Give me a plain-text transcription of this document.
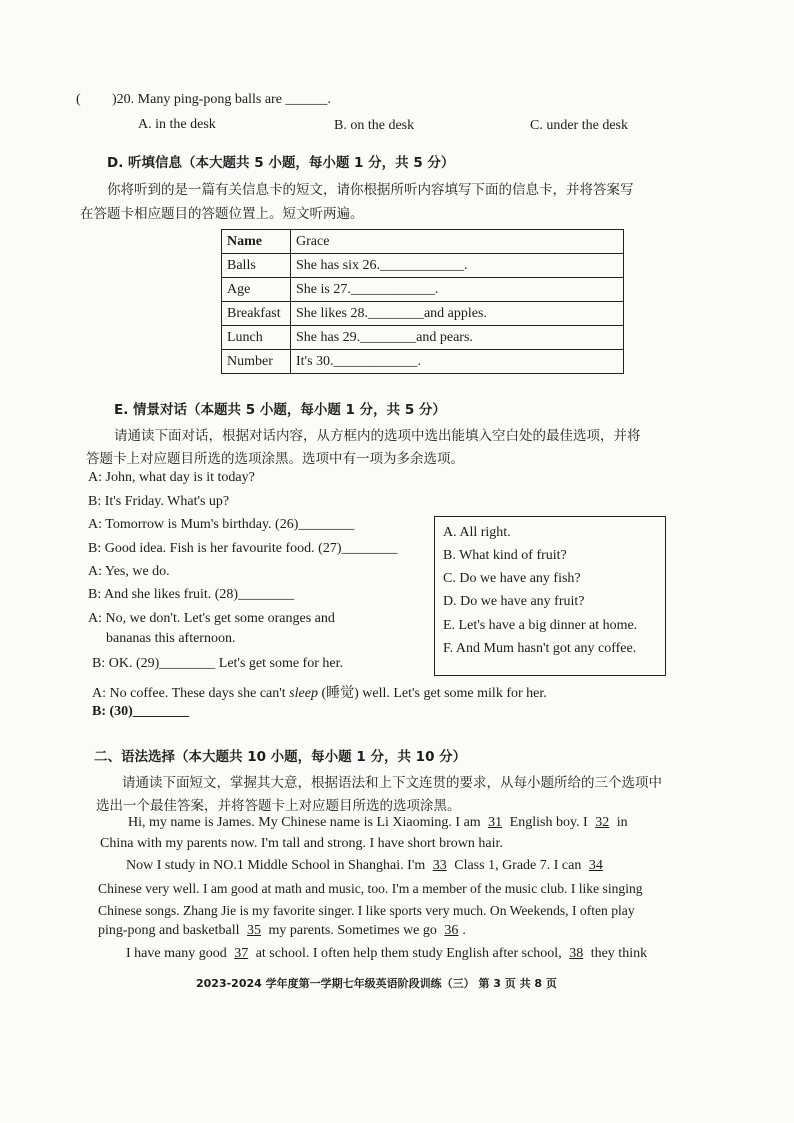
( )20. Many ping-pong balls are ______.
A. in the desk	B. on the desk	C. under the desk
D. 听填信息（本大题共 5 小题，每小题 1 分，共 5 分）
你将听到的是一篇有关信息卡的短文，请你根据所听内容填写下面的信息卡，并将答案写
在答题卡相应题目的答题位置上。短文听两遍。
Name	Grace
Balls	She has six 26.____________.
Age	She is 27.____________.
Breakfast	She likes 28.________and apples.
Lunch	She has 29.________and pears.
Number	It's 30.____________.
E. 情景对话（本题共 5 小题，每小题 1 分，共 5 分）
请通读下面对话，根据对话内容，从方框内的选项中选出能填入空白处的最佳选项，并将
答题卡上对应题目所选的选项涂黑。选项中有一项为多余选项。
A: John, what day is it today?
B: It's Friday. What's up?
A: Tomorrow is Mum's birthday. (26)________
B: Good idea. Fish is her favourite food. (27)________
A: Yes, we do.
B: And she likes fruit. (28)________
A: No, we don't. Let's get some oranges and
bananas this afternoon.
B: OK. (29)________ Let's get some for her.
A: No coffee. These days she can't sleep (睡觉) well. Let's get some milk for her.
B: (30)________
A. All right.
B. What kind of fruit?
C. Do we have any fish?
D. Do we have any fruit?
E. Let's have a big dinner at home.
F. And Mum hasn't got any coffee.
二、语法选择（本大题共 10 小题，每小题 1 分，共 10 分）
请通读下面短文，掌握其大意，根据语法和上下文连贯的要求，从每小题所给的三个选项中
选出一个最佳答案，并将答题卡上对应题目所选的选项涂黑。
Hi, my name is James. My Chinese name is Li Xiaoming. I am 31 English boy. I 32 in
China with my parents now. I'm tall and strong. I have short brown hair.
Now I study in NO.1 Middle School in Shanghai. I'm 33 Class 1, Grade 7. I can 34
Chinese very well. I am good at math and music, too. I'm a member of the music club. I like singing
Chinese songs. Zhang Jie is my favorite singer. I like sports very much. On Weekends, I often play
ping-pong and basketball 35 my parents. Sometimes we go 36 .
I have many good 37 at school. I often help them study English after school, 38 they think
2023-2024 学年度第一学期七年级英语阶段训练（三） 第 3 页 共 8 页
